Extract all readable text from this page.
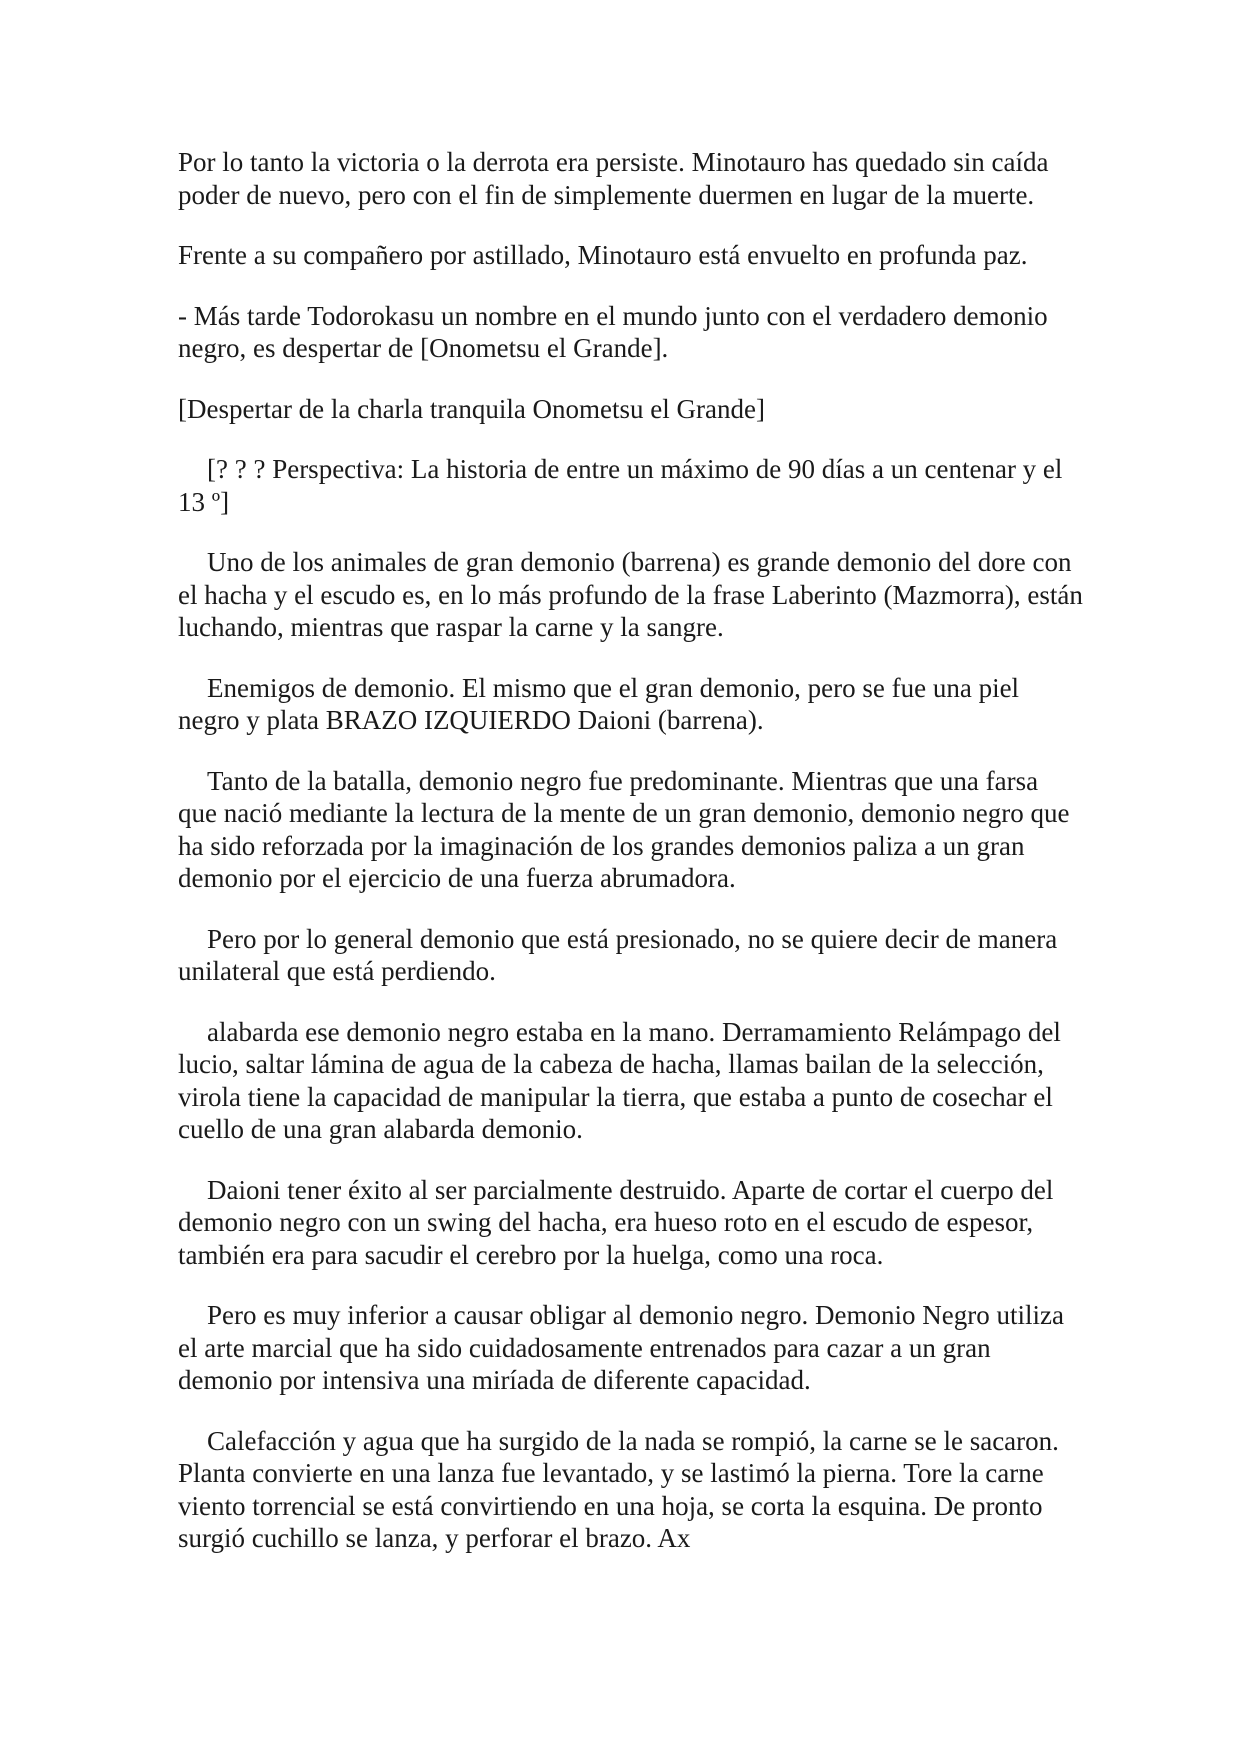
Por lo tanto la victoria o la derrota era persiste. Minotauro has quedado sin caída poder de nuevo, pero con el fin de simplemente duermen en lugar de la muerte.

Frente a su compañero por astillado, Minotauro está envuelto en profunda paz.

- Más tarde Todorokasu un nombre en el mundo junto con el verdadero demonio negro, es despertar de [Onometsu el Grande].

[Despertar de la charla tranquila Onometsu el Grande]

[? ? ? Perspectiva: La historia de entre un máximo de 90 días a un centenar y el 13 º]

Uno de los animales de gran demonio (barrena) es grande demonio del dore con el hacha y el escudo es, en lo más profundo de la frase Laberinto (Mazmorra), están luchando, mientras que raspar la carne y la sangre.

Enemigos de demonio. El mismo que el gran demonio, pero se fue una piel negro y plata BRAZO IZQUIERDO Daioni (barrena).

Tanto de la batalla, demonio negro fue predominante. Mientras que una farsa que nació mediante la lectura de la mente de un gran demonio, demonio negro que ha sido reforzada por la imaginación de los grandes demonios paliza a un gran demonio por el ejercicio de una fuerza abrumadora.

Pero por lo general demonio que está presionado, no se quiere decir de manera unilateral que está perdiendo.

alabarda ese demonio negro estaba en la mano. Derramamiento Relámpago del lucio, saltar lámina de agua de la cabeza de hacha, llamas bailan de la selección, virola tiene la capacidad de manipular la tierra, que estaba a punto de cosechar el cuello de una gran alabarda demonio.

Daioni tener éxito al ser parcialmente destruido. Aparte de cortar el cuerpo del demonio negro con un swing del hacha, era hueso roto en el escudo de espesor, también era para sacudir el cerebro por la huelga, como una roca.

Pero es muy inferior a causar obligar al demonio negro. Demonio Negro utiliza el arte marcial que ha sido cuidadosamente entrenados para cazar a un gran demonio por intensiva una miríada de diferente capacidad.

Calefacción y agua que ha surgido de la nada se rompió, la carne se le sacaron. Planta convierte en una lanza fue levantado, y se lastimó la pierna. Tore la carne viento torrencial se está convirtiendo en una hoja, se corta la esquina. De pronto surgió cuchillo se lanza, y perforar el brazo. Ax
